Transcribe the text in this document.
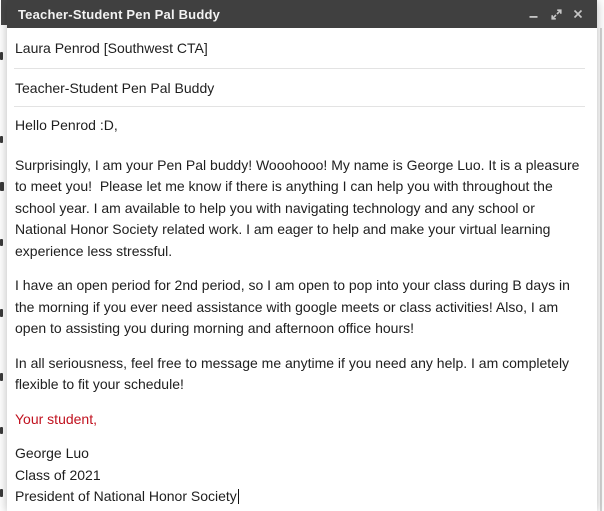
Teacher-Student Pen Pal Buddy
Laura Penrod [Southwest CTA]
Teacher-Student Pen Pal Buddy

Hello Penrod :D,

Surprisingly, I am your Pen Pal buddy! Wooohooo! My name is George Luo. It is a pleasure to meet you!  Please let me know if there is anything I can help you with throughout the school year. I am available to help you with navigating technology and any school or National Honor Society related work. I am eager to help and make your virtual learning experience less stressful.

I have an open period for 2nd period, so I am open to pop into your class during B days in the morning if you ever need assistance with google meets or class activities! Also, I am open to assisting you during morning and afternoon office hours!

In all seriousness, feel free to message me anytime if you need any help. I am completely flexible to fit your schedule!

Your student,

George Luo
Class of 2021
President of National Honor Society
